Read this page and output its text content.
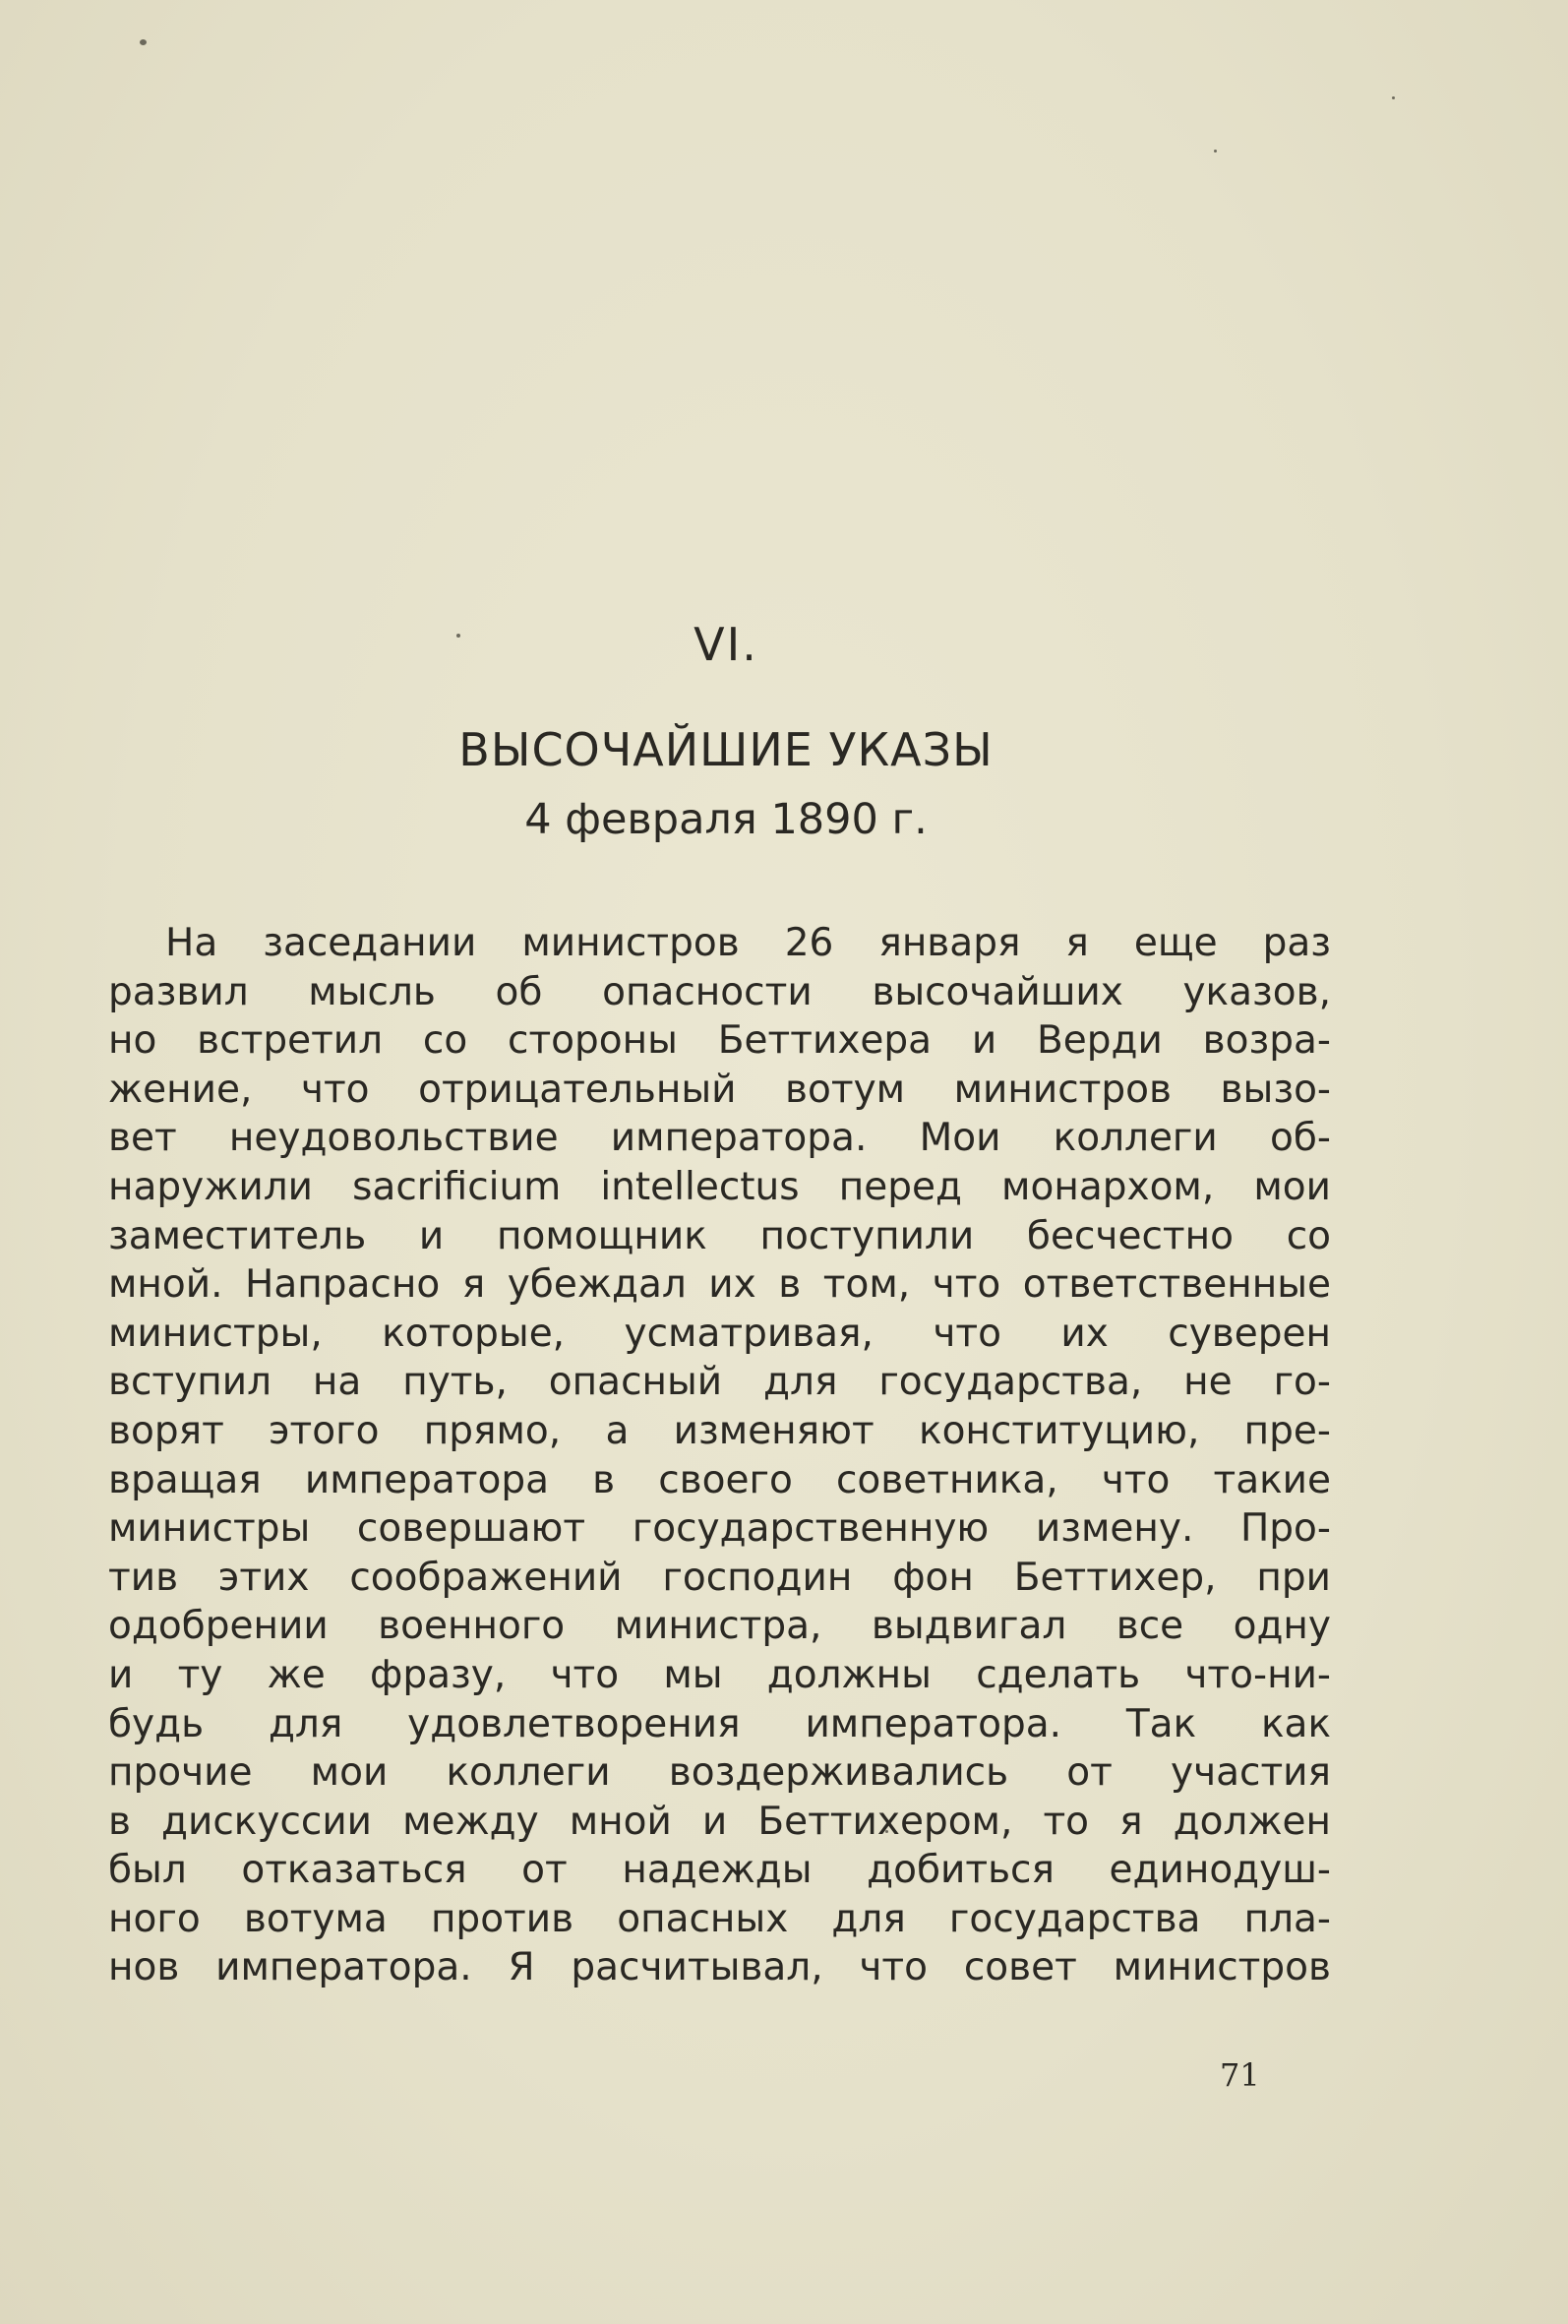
VI.
ВЫСОЧАЙШИЕ УКАЗЫ
4 февраля 1890 г.
На заседании министров 26 января я еще раз
развил мысль об опасности высочайших указов,
но встретил со стороны Беттихера и Верди возра-
жение, что отрицательный вотум министров вызо-
вет неудовольствие императора. Мои коллеги об-
наружили sacrificium intellectus перед монархом, мои
заместитель и помощник поступили бесчестно со
мной. Напрасно я убеждал их в том, что ответственные
министры, которые, усматривая, что их суверен
вступил на путь, опасный для государства, не го-
ворят этого прямо, а изменяют конституцию, пре-
вращая императора в своего советника, что такие
министры совершают государственную измену. Про-
тив этих соображений господин фон Беттихер, при
одобрении военного министра, выдвигал все одну
и ту же фразу, что мы должны сделать что-ни-
будь для удовлетворения императора. Так как
прочие мои коллеги воздерживались от участия
в дискуссии между мной и Беттихером, то я должен
был отказаться от надежды добиться единодуш-
ного вотума против опасных для государства пла-
нов императора. Я расчитывал, что совет министров
71
